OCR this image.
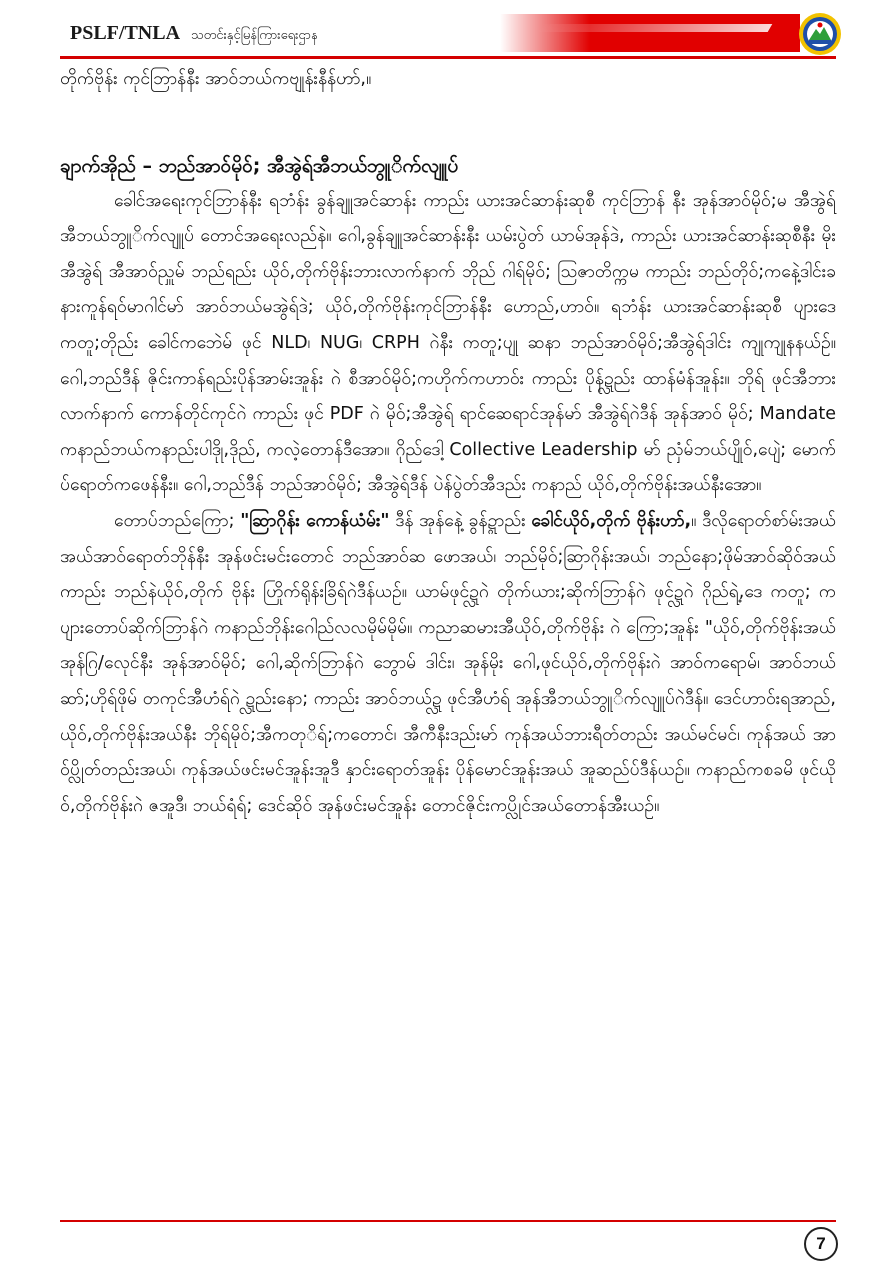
PSLF/TNLA သတင်းနှင့်မြန်ကြားရေးဌာန

တိုက်ဗိုန်း ကုင်ဘြာန်နီး အာဝ်ဘယ်ကဗျုန်းနီန်ဟာ်,။

ချာက်အိုည် – ဘည်အာဝ်မိုဝ်; အီအွဲရ်အီဘယ်ဘွူိက်လျူပ်

ခေါင်အရေးကုင်ဘြာန်နီး ရဘံန်း ခွန်ချူအင်ဆာန်း ကာည်း ယားအင်ဆာန်းဆုစီ ကုင်ဘြာန် နီး အုန်အာဝ်မိုဝ်;မ အီအွဲရ်အီဘယ်ဘွူိက်လျူပ် တောင်အရေးလည်နဲ။ ဂေါ,ခွန်ချူအင်ဆာန်းနီး ယမ်းပွဲတ် ယာမ်အုန်ဒဲ, ကာည်း ယားအင်ဆာန်းဆုစီနီး မိုးအီအွဲရ် အီအာဝ်ညှူမ် ဘည်ရည်း ယိုဝ်,တိုက်ဗိုန်းဘားလာက်နာက် ဘိုည် ဂါရ်မိုဝ်; ဩဇာတိက္ကမ ကာည်း ဘည်တိုဝ်;ကနေဲ့ဒါင်းခ နားကူန်ရဝ်မာဂါင်မာ် အာဝ်ဘယ်မအွဲရ်ဒဲ; ယိုဝ်,တိုက်ဗိုန်းကုင်ဘြာန်နီး ဟောည်,ဟာဝ်။ ရဘံန်း ယားအင်ဆာန်းဆုစီ ပျားဒေကတူ;တိုည်း ခေါင်ကဘေဲမ် ဖုင် NLD၊ NUG၊ CRPH ဂဲနီး ကတူ;ပျု ဆနာ ဘည်အာဝ်မိုဝ်;အီအွဲရ်ဒါင်း ကျုကျုနနယ်ဉ်။ ဂေါ,ဘည်ဒီန် ဇိုင်းကာန်ရည်းပိုန်အာမ်းအူန်း ဂဲ စီအာဝ်မိုဝ်;ကဟိုက်ကဟာဝ်း ကာည်း ပိုန်ဍ္လည်း ထာန်မံန်အူန်း။ ဘိုရ် ဖုင်အီဘားလာက်နာက် ကောန်တိုင်ကုင်ဂဲ ကာည်း ဖုင် PDF ဂဲ မိုဝ်;အီအွဲရ် ရာင်ဆေရာင်အုန်မာ် အီအွဲရ်ဂဲဒီန် အုန်အာဝ် မိုဝ်; Mandate ကနာည်ဘယ်ကနာည်းပါဒိုု,ဒိုည်, ကလဲ့တောန်ဒီအော။ ဂိုည်ဒေါ့ Collective Leadership မာ် ညှံမ်ဘယ်ပျိုဝ်,ပျေဲ; မောက်ပ်ရောတ်ကဖေန်နီး။ ဂေါ,ဘည်ဒီန် ဘည်အာဝ်မိုဝ်; အီအွဲရ်ဒီန် ပဲန်ပွဲတ်အီဒည်း ကနာည် ယိုဝ်,တိုက်ဗိုန်းအယ်နီးအော။

တောပ်ဘည်ကြော; "ဆြာဂိုန်း ကောန်ယံမ်း" ဒီန် အုန်နေဲ့ ခွန်ဍ္ဂာည်း ခေါင်ယိုဝ်,တိုက် ဗိုန်းဟာ်,။ ဒီလိုရောတ်စာ်မ်းအယ် အယ်အာဝ်ရောတ်ဘိုန်နီး အုန်ဖင်းမင်းတောင် ဘည်အာဝ်ဆ ဖောအယ်၊ ဘည်မိုဝ်;ဆြာဂိုန်းအယ်၊ ဘည်နော;ဖိုမ်အာဝ်ဆိုဝ်အယ် ကာည်း ဘည်နဲယိုဝ်,တိုက် ဗိုန်း ဟြိုက်ရိုန်းခြိရ်ဂဲဒီန်ယဉ်။ ယာမ်ဖုင်ဍ္လဂဲ တိုက်ယား;ဆိုက်ဘြာန်ဂဲ ဖုင်ဍ္လဂဲ ဂိုည်ရဲ့,ဒေ ကတူ; ကပျားတောပ်ဆိုက်ဘြာန်ဂဲ ကနာည်ဘိုန်းဂေါည်လလမိုမ်မိုမ်။ ကညာဆမားအီယိုဝ်,တိုက်ဗိုန်း ဂဲ ကြော;အူန်း "ယိုဝ်,တိုက်ဗိုန်းအယ် အုန်ဂြ/လေုင်နီး အုန်အာဝ်မိုဝ်; ဂေါ,ဆိုက်ဘြာန်ဂဲ ဘွောမ် ဒါင်း၊ အုန်မိုး ဂေါ,ဖုင်ယိုဝ်,တိုက်ဗိုန်းဂဲ အာဝ်ကရောမ်၊ အာဝ်ဘယ်ဆာ်;ဟိုရ်ဖိုမ် တကုင်အီဟံရ်ဂဲ ဍ္လည်းနော; ကာည်း အာဝ်ဘယ်ဍ္လ ဖုင်အီဟံရ် အုန်အီဘယ်ဘွူိက်လျူပ်ဂဲဒီန်။ ဒေင်ဟာဝ်းရအာည်, ယိုဝ်,တိုက်ဗိုန်းအယ်နီး ဘိုရ်မိုဝ်;အီကတုိရ်;ကတောင်၊ အီကီနီးဒည်းမာ် ကုန်အယ်ဘားရီတ်တည်း အယ်မင်မင်၊ ကုန်အယ် အာဝ်ပ္လိုတ်တည်းအယ်၊ ကုန်အယ်ဖင်းမင်အူန်းအူဒီ နှာင်းရောတ်အူန်း ပိုန်မောင်အူန်းအယ် အူဆည်ပ်ဒီန်ယဉ်။ ကနာည်ကစခမိ ဖုင်ယိုဝ်,တိုက်ဗိုန်းဂဲ ဇအူဒီ၊ ဘယ်ရံရ်; ဒေင်ဆိုဝ် အုန်ဖင်းမင်အူန်း တောင်ဇိုင်းကပ္လိုင်အယ်တောန်အီးယဉ်။

7
